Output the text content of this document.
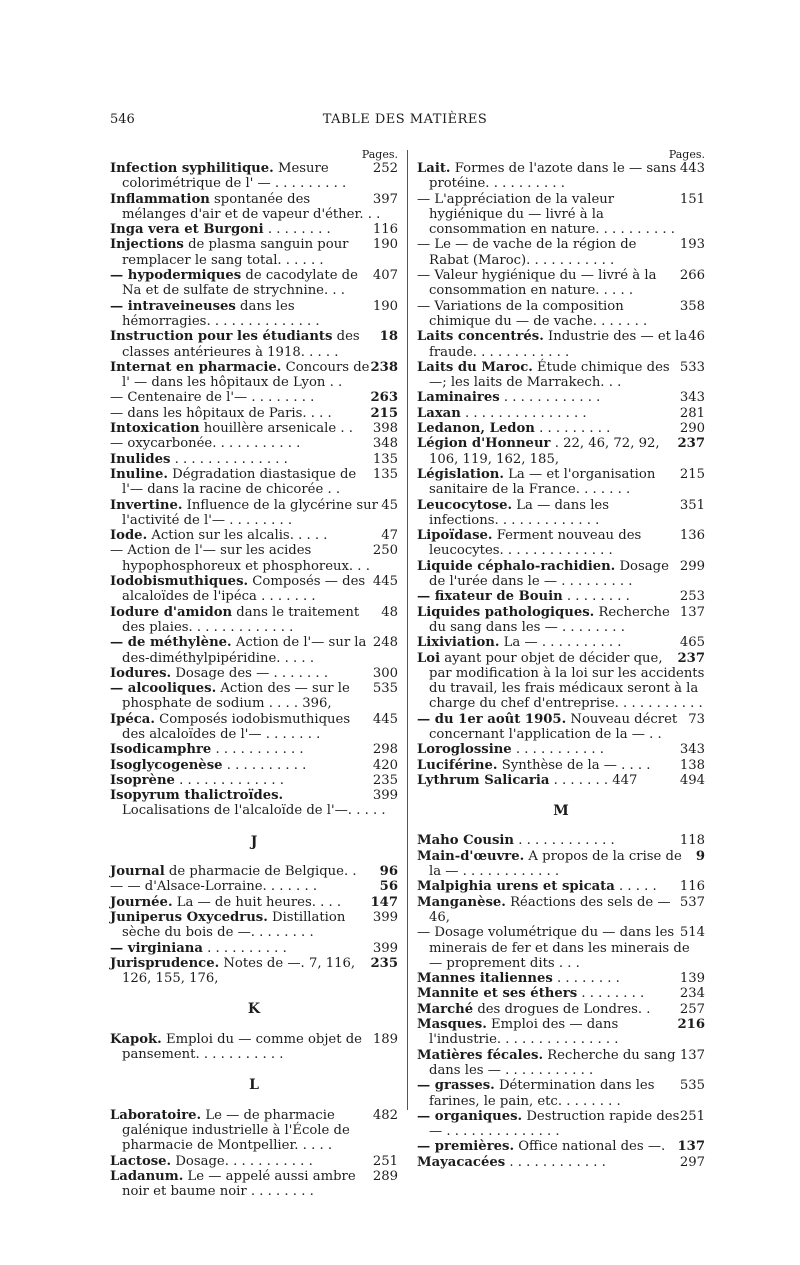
546	TABLE DES MATIÈRES
Pages.

252
Infection syphilitique. Mesure colorimétrique de l' — . . . . . . . . .

397
Inflammation spontanée des mélanges d'air et de vapeur d'éther. . .

116
Inga vera et Burgoni . . . . . . . .

190
Injections de plasma sanguin pour remplacer le sang total. . . . . .

407
— hypodermiques de cacodylate de Na et de sulfate de strychnine. . .

190
— intraveineuses dans les hémorragies. . . . . . . . . . . . . .

18
Instruction pour les étudiants des classes antérieures à 1918. . . . .

238
Internat en pharmacie. Concours de l' — dans les hôpitaux de Lyon . .

263
— Centenaire de l'— . . . . . . . .

215
— dans les hôpitaux de Paris. . . .

398
Intoxication houillère arsenicale . .

348
— oxycarbonée. . . . . . . . . . .

135
Inulides . . . . . . . . . . . . . .

135
Inuline. Dégradation diastasique de l'— dans la racine de chicorée . .

45
Invertine. Influence de la glycérine sur l'activité de l'— . . . . . . . .

47
Iode. Action sur les alcalis. . . . .

250
— Action de l'— sur les acides hypophosphoreux et phosphoreux. . .

445
Iodobismuthiques. Composés — des alcaloïdes de l'ipéca . . . . . . .

48
Iodure d'amidon dans le traitement des plaies. . . . . . . . . . . . .

248
— de méthylène. Action de l'— sur la des-diméthylpipéridine. . . . .

300
Iodures. Dosage des — . . . . . . .

535
— alcooliques. Action des — sur le phosphate de sodium . . . . 396,

445
Ipéca. Composés iodobismuthiques des alcaloïdes de l'— . . . . . . .

298
Isodicamphre . . . . . . . . . . .

420
Isoglycogenèse . . . . . . . . . .

235
Isoprène . . . . . . . . . . . . .

399
Isopyrum thalictroïdes. Localisations de l'alcaloïde de l'—. . . . .

J

96
Journal de pharmacie de Belgique. .

56
— — d'Alsace-Lorraine. . . . . . .

147
Journée. La — de huit heures. . . .

399
Juniperus Oxycedrus. Distillation sèche du bois de —. . . . . . . .

399
— virginiana . . . . . . . . . .

235
Jurisprudence. Notes de —. 7, 116, 126, 155, 176,

K

189
Kapok. Emploi du — comme objet de pansement. . . . . . . . . . .

L

482
Laboratoire. Le — de pharmacie galénique industrielle à l'École de pharmacie de Montpellier. . . . .

251
Lactose. Dosage. . . . . . . . . . .

289
Ladanum. Le — appelé aussi ambre noir et baume noir . . . . . . . .

Pages.

443
Lait. Formes de l'azote dans le — sans protéine. . . . . . . . . .

151
— L'appréciation de la valeur hygiénique du — livré à la consommation en nature. . . . . . . . . .

193
— Le — de vache de la région de Rabat (Maroc). . . . . . . . . . .

266
— Valeur hygiénique du — livré à la consommation en nature. . . . .

358
— Variations de la composition chimique du — de vache. . . . . . .

46
Laits concentrés. Industrie des — et la fraude. . . . . . . . . . . .

533
Laits du Maroc. Étude chimique des —; les laits de Marrakech. . .

343
Laminaires . . . . . . . . . . . .

281
Laxan . . . . . . . . . . . . . . .

290
Ledanon, Ledon . . . . . . . . .

237
Légion d'Honneur . 22, 46, 72, 92, 106, 119, 162, 185,

215
Législation. La — et l'organisation sanitaire de la France. . . . . . .

351
Leucocytose. La — dans les infections. . . . . . . . . . . . .

136
Lipoïdase. Ferment nouveau des leucocytes. . . . . . . . . . . . . .

299
Liquide céphalo-rachidien. Dosage de l'urée dans le — . . . . . . . . .

253
— fixateur de Bouin . . . . . . . .

137
Liquides pathologiques. Recherche du sang dans les — . . . . . . . .

465
Lixiviation. La — . . . . . . . . . .

237
Loi ayant pour objet de décider que, par modification à la loi sur les accidents du travail, les frais médicaux seront à la charge du chef d'entreprise. . . . . . . . . . .

73
— du 1er août 1905. Nouveau décret concernant l'application de la — . .

343
Loroglossine . . . . . . . . . . .

138
Luciférine. Synthèse de la — . . . .

494
Lythrum Salicaria . . . . . . . 447

M

118
Maho Cousin . . . . . . . . . . . .

9
Main-d'œuvre. A propos de la crise de la — . . . . . . . . . . . .

116
Malpighia urens et spicata . . . . .

537
Manganèse. Réactions des sels de — 46,

514
— Dosage volumétrique du — dans les minerais de fer et dans les minerais de — proprement dits . . .

139
Mannes italiennes . . . . . . . .

234
Mannite et ses éthers . . . . . . . .

257
Marché des drogues de Londres. .

216
Masques. Emploi des — dans l'industrie. . . . . . . . . . . . . . .

137
Matières fécales. Recherche du sang dans les — . . . . . . . . . . .

535
— grasses. Détermination dans les farines, le pain, etc. . . . . . . .

251
— organiques. Destruction rapide des — . . . . . . . . . . . . . .

137
— premières. Office national des —.

297
Mayacacées . . . . . . . . . . . .
